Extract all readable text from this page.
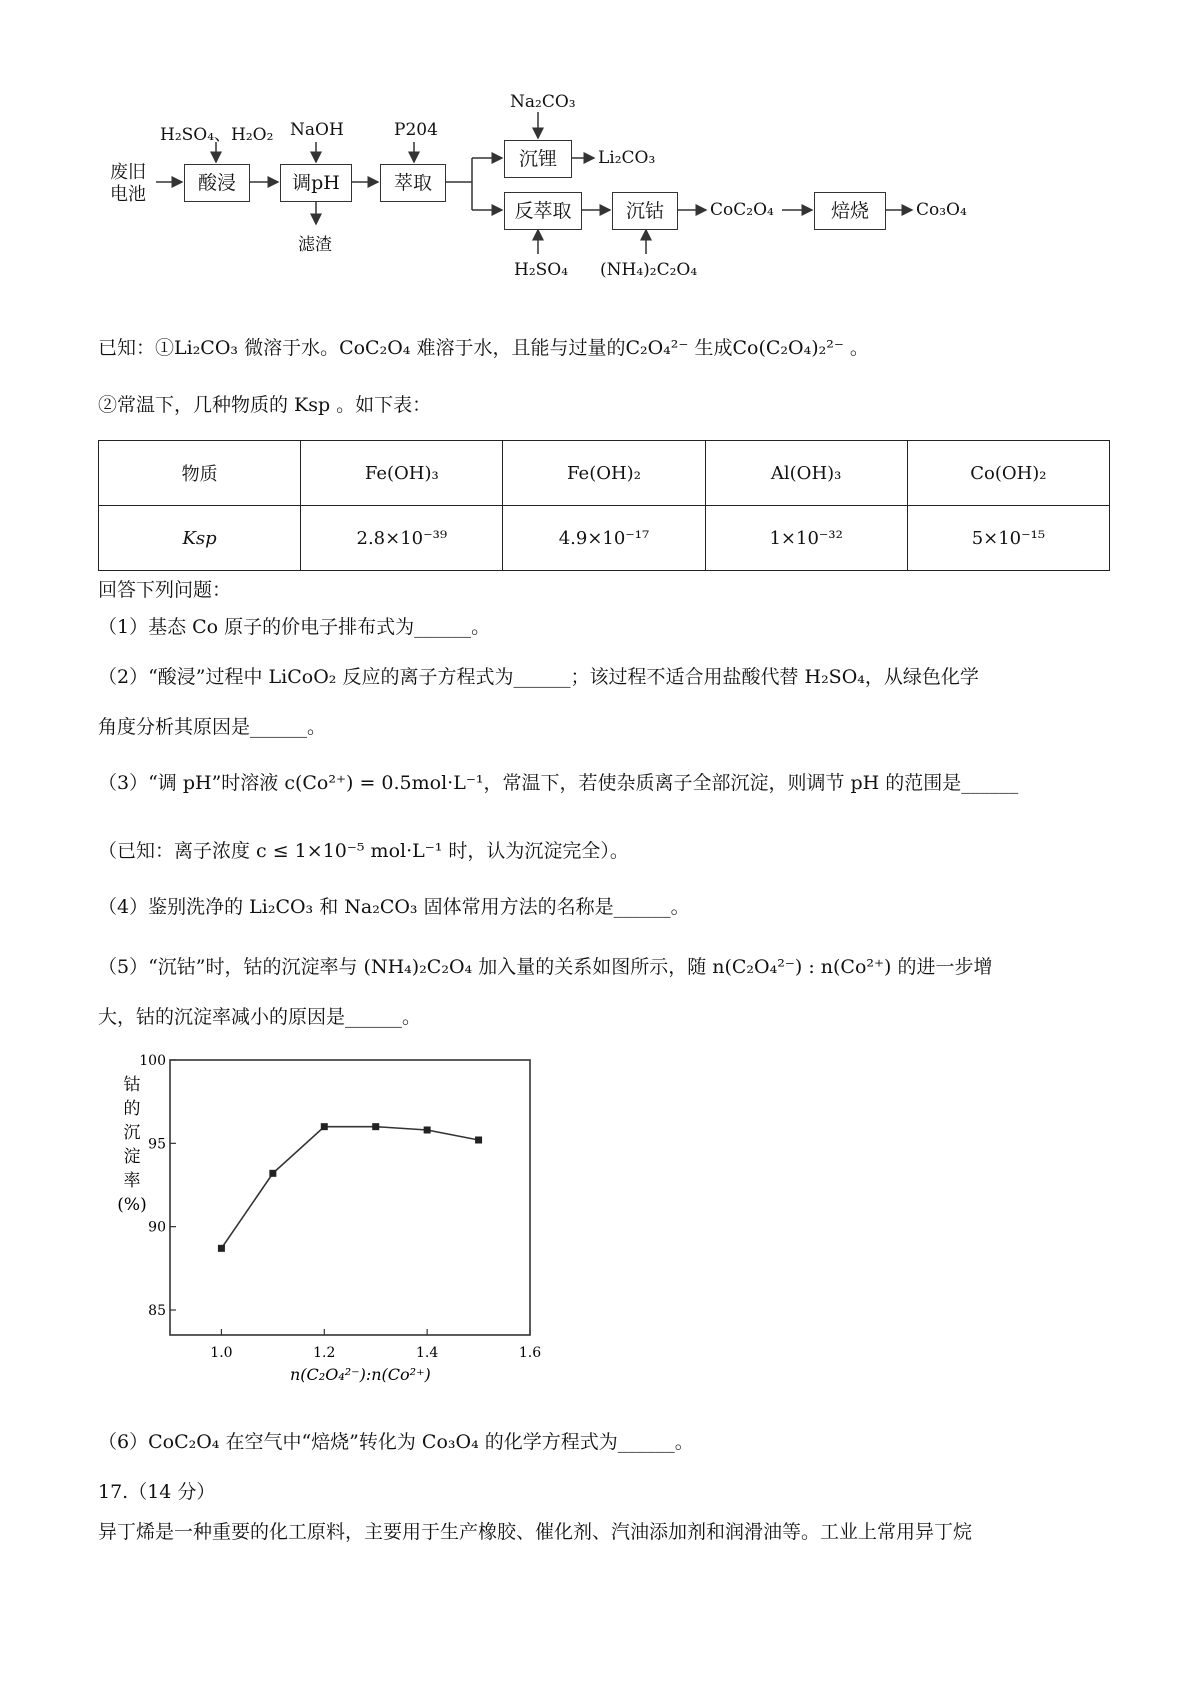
废旧
电池
酸浸	调pH	萃取
沉锂
反萃取	沉钴	焙烧
H₂SO₄、H₂O₂ NaOH	P204
Na₂CO₃
H₂SO₄ (NH₄)₂C₂O₄
滤渣
Li₂CO₃
CoC₂O₄	Co₃O₄
已知：①Li₂CO₃ 微溶于水。CoC₂O₄ 难溶于水，且能与过量的C₂O₄²⁻ 生成Co(C₂O₄)₂²⁻ 。
②常温下，几种物质的 Ksp 。如下表：
物质	Fe(OH)₃	Fe(OH)₂	Al(OH)₃	Co(OH)₂
Ksp	2.8×10⁻³⁹	4.9×10⁻¹⁷	1×10⁻³²	5×10⁻¹⁵
回答下列问题：
（1）基态 Co 原子的价电子排布式为______。
（2）“酸浸”过程中 LiCoO₂ 反应的离子方程式为______；该过程不适合用盐酸代替 H₂SO₄，从绿色化学
角度分析其原因是______。
（3）“调 pH”时溶液 c(Co²⁺) = 0.5mol·L⁻¹，常温下，若使杂质离子全部沉淀，则调节 pH 的范围是______
（已知：离子浓度 c ≤ 1×10⁻⁵ mol·L⁻¹ 时，认为沉淀完全）。
（4）鉴别洗净的 Li₂CO₃ 和 Na₂CO₃ 固体常用方法的名称是______。
（5）“沉钴”时，钴的沉淀率与 (NH₄)₂C₂O₄ 加入量的关系如图所示，随 n(C₂O₄²⁻) : n(Co²⁺) 的进一步增
大，钴的沉淀率减小的原因是______。
钴
的
沉
淀
率
(%)
85
90
95
100
1.0	1.2	1.4	1.6
n(C₂O₄²⁻):n(Co²⁺)
（6）CoC₂O₄ 在空气中“焙烧”转化为 Co₃O₄ 的化学方程式为______。
17.（14 分）
异丁烯是一种重要的化工原料，主要用于生产橡胶、催化剂、汽油添加剂和润滑油等。工业上常用异丁烷
